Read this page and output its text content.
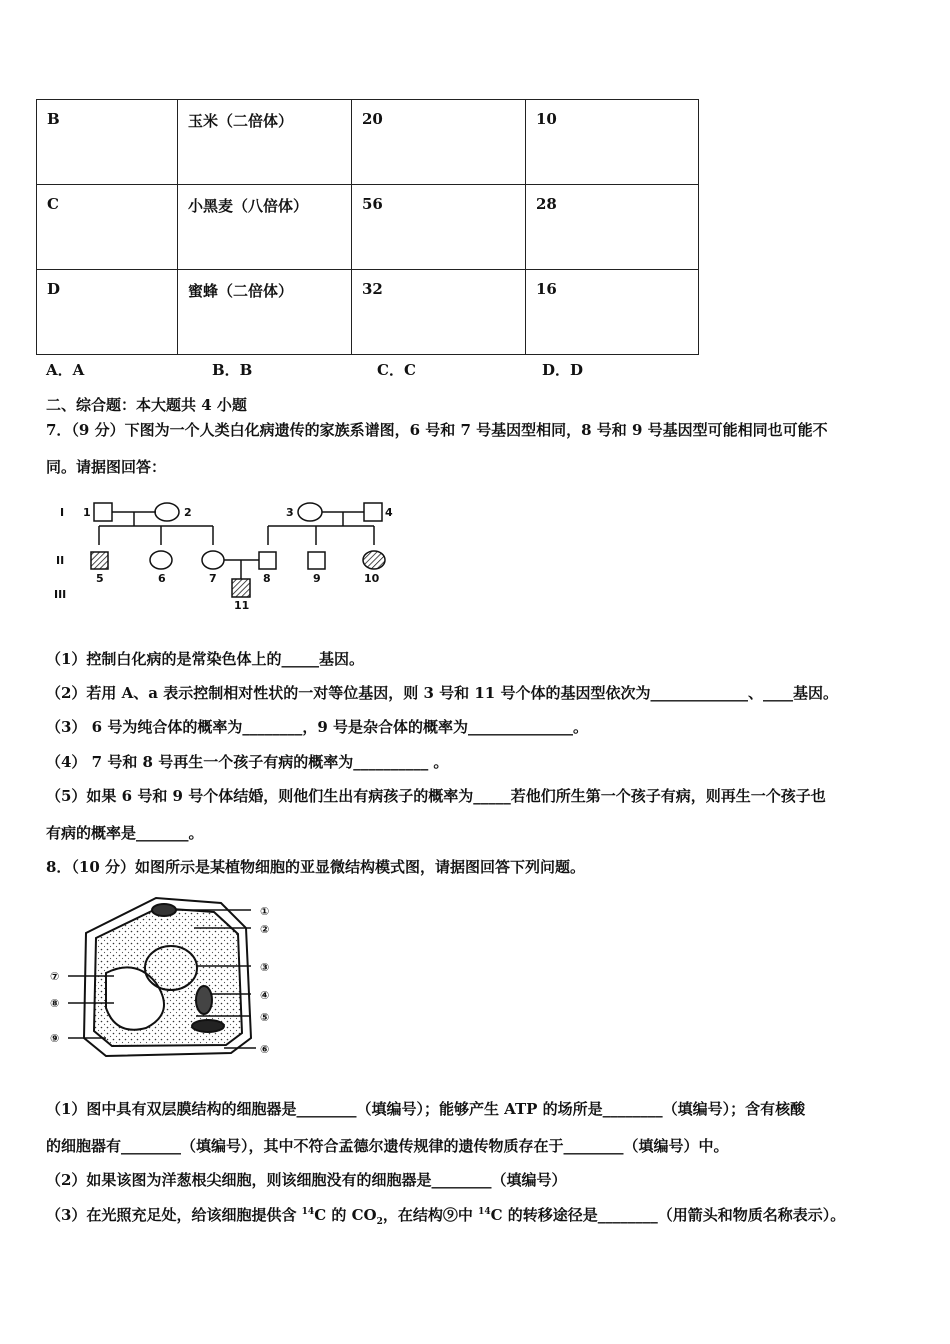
B	玉米（二倍体）	20	10
C	小黑麦（八倍体）	56	28
D	蜜蜂（二倍体）	32	16
A．A	B．B	C．C	D．D
二、综合题：本大题共 4 小题
7．（9 分）下图为一个人类白化病遗传的家族系谱图，6 号和 7 号基因型相同，8 号和 9 号基因型可能相同也可能不
同。请据图回答：
I
II
III
1	2	3	4
5	6	7	8	9	10
11
（1）控制白化病的是常染色体上的_____基因。
（2）若用 A、a 表示控制相对性状的一对等位基因，则 3 号和 11 号个体的基因型依次为_____________、____基因。
（3） 6 号为纯合体的概率为________，9 号是杂合体的概率为______________。
（4） 7 号和 8 号再生一个孩子有病的概率为__________ 。
（5）如果 6 号和 9 号个体结婚，则他们生出有病孩子的概率为_____若他们所生第一个孩子有病，则再生一个孩子也
有病的概率是_______。
8．（10 分）如图所示是某植物细胞的亚显微结构模式图，请据图回答下列问题。
①
②
③
④
⑤
⑥
⑦
⑧
⑨
（1）图中具有双层膜结构的细胞器是________（填编号）；能够产生 ATP 的场所是________（填编号）；含有核酸
的细胞器有________（填编号），其中不符合孟德尔遗传规律的遗传物质存在于________（填编号）中。
（2）如果该图为洋葱根尖细胞，则该细胞没有的细胞器是________（填编号）
（3）在光照充足处，给该细胞提供含 $^{14}$C 的 $CO_2$，在结构⑨中 $^{14}$C 的转移途径是________（用箭头和物质名称表示）。
